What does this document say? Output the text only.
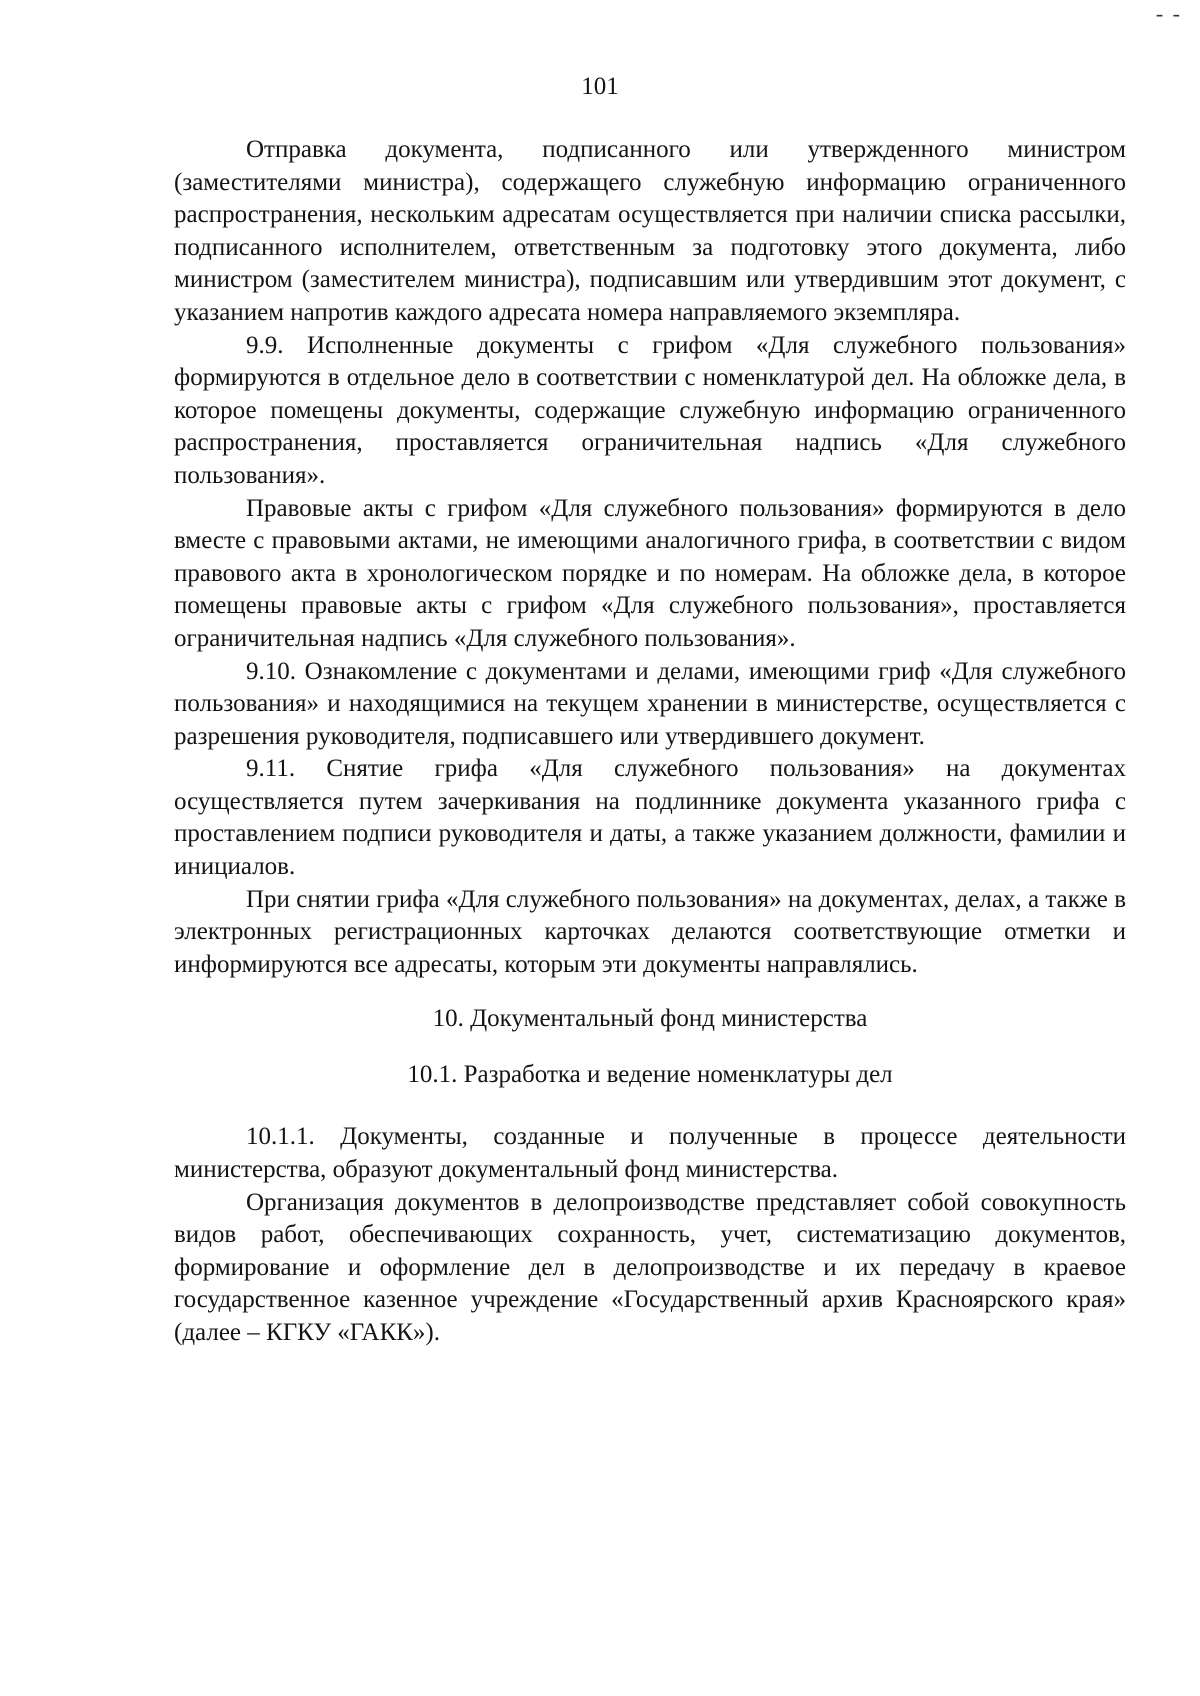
- -
101

Отправка документа, подписанного или утвержденного министром (заместителями министра), содержащего служебную информацию ограниченного распространения, нескольким адресатам осуществляется при наличии списка рассылки, подписанного исполнителем, ответственным за подготовку этого документа, либо министром (заместителем министра), подписавшим или утвердившим этот документ, с указанием напротив каждого адресата номера направляемого экземпляра.

9.9. Исполненные документы с грифом «Для служебного пользования» формируются в отдельное дело в соответствии с номенклатурой дел. На обложке дела, в которое помещены документы, содержащие служебную информацию ограниченного распространения, проставляется ограничительная надпись «Для служебного пользования».

Правовые акты с грифом «Для служебного пользования» формируются в дело вместе с правовыми актами, не имеющими аналогичного грифа, в соответствии с видом правового акта в хронологическом порядке и по номерам. На обложке дела, в которое помещены правовые акты с грифом «Для служебного пользования», проставляется ограничительная надпись «Для служебного пользования».

9.10. Ознакомление с документами и делами, имеющими гриф «Для служебного пользования» и находящимися на текущем хранении в министерстве, осуществляется с разрешения руководителя, подписавшего или утвердившего документ.

9.11. Снятие грифа «Для служебного пользования» на документах осуществляется путем зачеркивания на подлиннике документа указанного грифа с проставлением подписи руководителя и даты, а также указанием должности, фамилии и инициалов.

При снятии грифа «Для служебного пользования» на документах, делах, а также в электронных регистрационных карточках делаются соответствующие отметки и информируются все адресаты, которым эти документы направлялись.

10. Документальный фонд министерства

10.1. Разработка и ведение номенклатуры дел

10.1.1. Документы, созданные и полученные в процессе деятельности министерства, образуют документальный фонд министерства.

Организация документов в делопроизводстве представляет собой совокупность видов работ, обеспечивающих сохранность, учет, систематизацию документов, формирование и оформление дел в делопроизводстве и их передачу в краевое государственное казенное учреждение «Государственный архив Красноярского края» (далее – КГКУ «ГАКК»).
